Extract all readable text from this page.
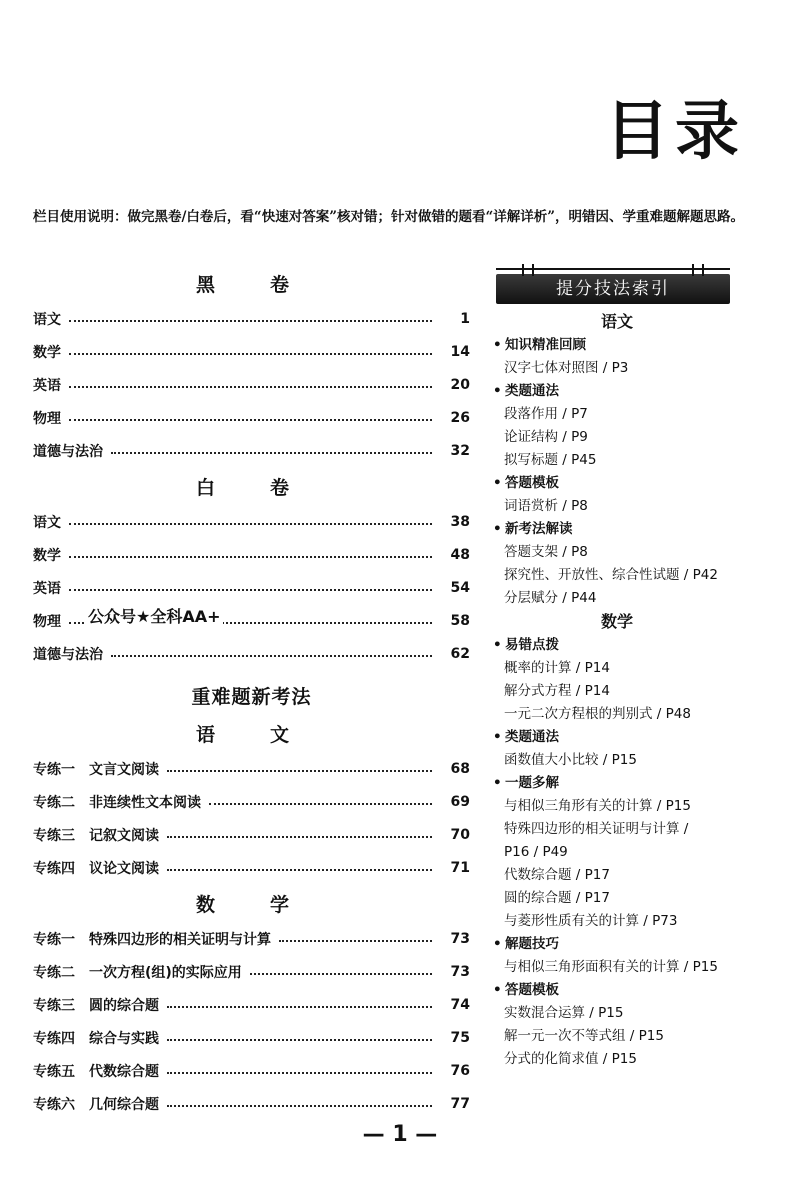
目录
栏目使用说明：做完黑卷/白卷后，看“快速对答案”核对错；针对做错的题看“详解详析”，明错因、学重难题解题思路。
黑　卷
语文	1
数学	14
英语	20
物理	26
道德与法治	32
白　卷
语文	38
数学	48
英语	54
物理	58
道德与法治	62
重难题新考法
语　文
专练一 文言文阅读	68
专练二 非连续性文本阅读	69
专练三 记叙文阅读	70
专练四 议论文阅读	71
数　学
专练一 特殊四边形的相关证明与计算	73
专练二 一次方程(组)的实际应用	73
专练三 圆的综合题	74
专练四 综合与实践	75
专练五 代数综合题	76
专练六 几何综合题	77
公众号★全科AA+
提分技法索引
语文
• 知识精准回顾
汉字七体对照图 / P3
• 类题通法
段落作用 / P7
论证结构 / P9
拟写标题 / P45
• 答题模板
词语赏析 / P8
• 新考法解读
答题支架 / P8
探究性、开放性、综合性试题 / P42
分层赋分 / P44
数学
• 易错点拨
概率的计算 / P14
解分式方程 / P14
一元二次方程根的判别式 / P48
• 类题通法
函数值大小比较 / P15
• 一题多解
与相似三角形有关的计算 / P15
特殊四边形的相关证明与计算 /
P16 / P49
代数综合题 / P17
圆的综合题 / P17
与菱形性质有关的计算 / P73
• 解题技巧
与相似三角形面积有关的计算 / P15
• 答题模板
实数混合运算 / P15
解一元一次不等式组 / P15
分式的化简求值 / P15
— 1 —
